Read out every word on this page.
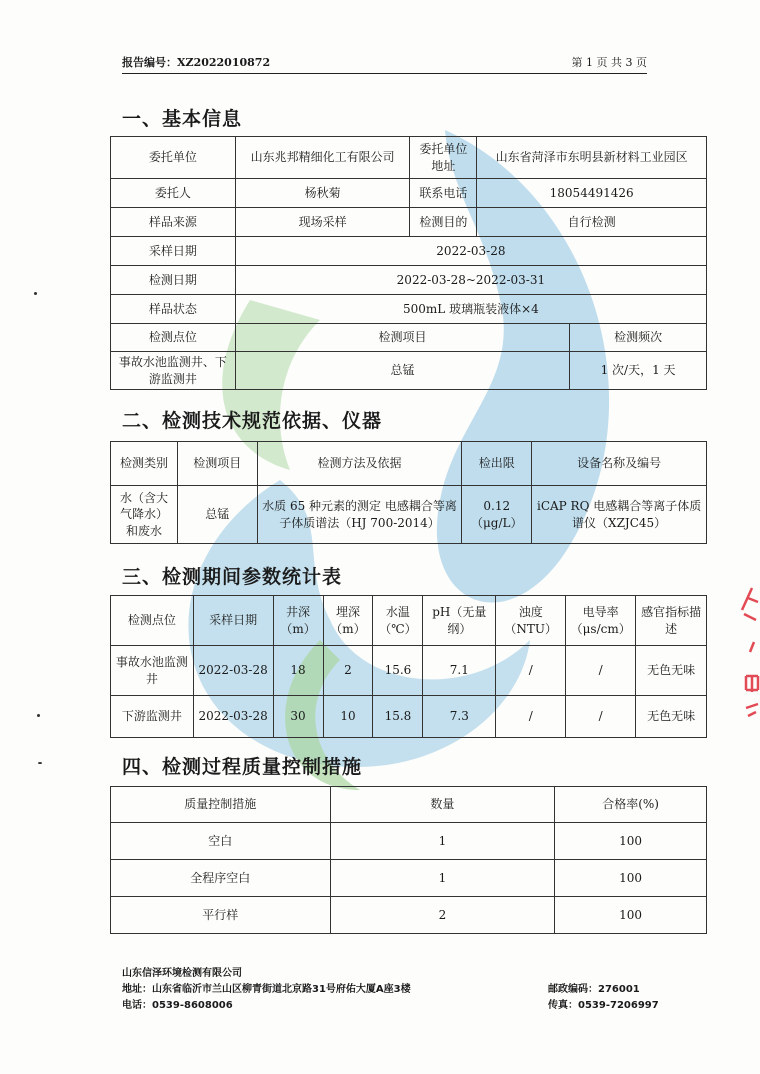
报告编号：XZ2022010872	第 1 页 共 3 页
一、基本信息
委托单位	山东兆邦精细化工有限公司	委托单位地址	山东省菏泽市东明县新材料工业园区	
委托人	杨秋菊	联系电话	18054491426	
样品来源	现场采样	检测目的	自行检测	
采样日期	2022-03-28			
检测日期	2022-03-28~2022-03-31			
样品状态	500mL 玻璃瓶装液体×4			
检测点位	检测项目			检测频次
事故水池监测井、下游监测井	总锰			1 次/天，1 天
二、检测技术规范依据、仪器
检测类别	检测项目	检测方法及依据	检出限	设备名称及编号
水（含大气降水）和废水	总锰	水质 65 种元素的测定 电感耦合等离子体质谱法（HJ 700-2014）	0.12（μg/L）	iCAP RQ 电感耦合等离子体质谱仪（XZJC45）
三、检测期间参数统计表
检测点位	采样日期	井深（m）	埋深（m）	水温（℃）	pH（无量纲）	浊度（NTU）	电导率（μs/cm）	感官指标描述
事故水池监测井	2022-03-28	18	2	15.6	7.1	/	/	无色无味
下游监测井	2022-03-28	30	10	15.8	7.3	/	/	无色无味
四、检测过程质量控制措施
质量控制措施	数量	合格率(%)
空白	1	100
全程序空白	1	100
平行样	2	100
山东信泽环境检测有限公司
地址：山东省临沂市兰山区柳青街道北京路31号府佑大厦A座3楼
电话：0539-8608006
邮政编码：276001
传真：0539-7206997
